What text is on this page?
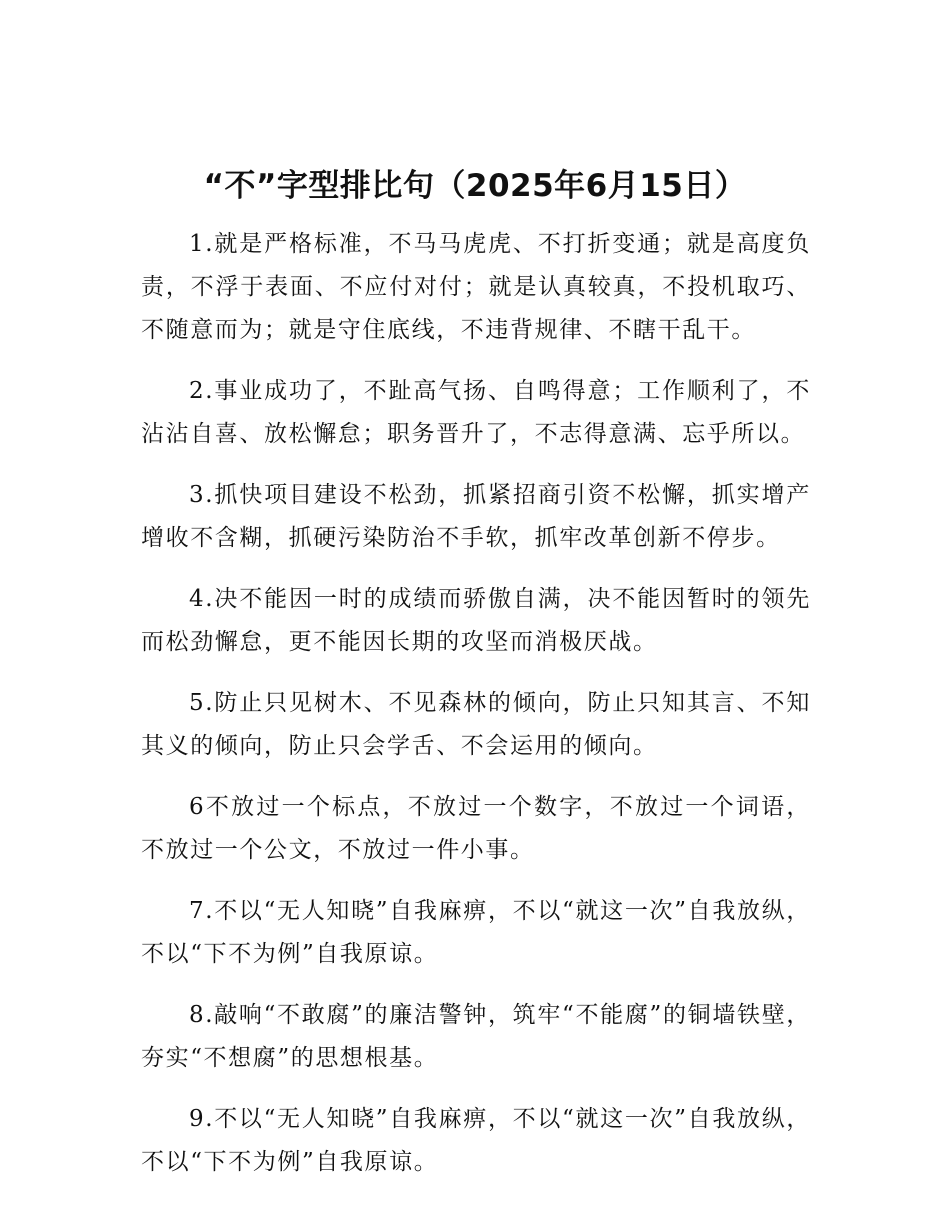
“不”字型排比句（2025年6月15日）

1.就是严格标准，不马马虎虎、不打折变通；就是高度负责，不浮于表面、不应付对付；就是认真较真，不投机取巧、不随意而为；就是守住底线，不违背规律、不瞎干乱干。

2.事业成功了，不趾高气扬、自鸣得意；工作顺利了，不沾沾自喜、放松懈怠；职务晋升了，不志得意满、忘乎所以。

3.抓快项目建设不松劲，抓紧招商引资不松懈，抓实增产增收不含糊，抓硬污染防治不手软，抓牢改革创新不停步。

4.决不能因一时的成绩而骄傲自满，决不能因暂时的领先而松劲懈怠，更不能因长期的攻坚而消极厌战。

5.防止只见树木、不见森林的倾向，防止只知其言、不知其义的倾向，防止只会学舌、不会运用的倾向。

6不放过一个标点，不放过一个数字，不放过一个词语，不放过一个公文，不放过一件小事。

7.不以“无人知晓”自我麻痹，不以“就这一次”自我放纵，不以“下不为例”自我原谅。

8.敲响“不敢腐”的廉洁警钟，筑牢“不能腐”的铜墙铁壁，夯实“不想腐”的思想根基。

9.不以“无人知晓”自我麻痹，不以“就这一次”自我放纵，不以“下不为例”自我原谅。
